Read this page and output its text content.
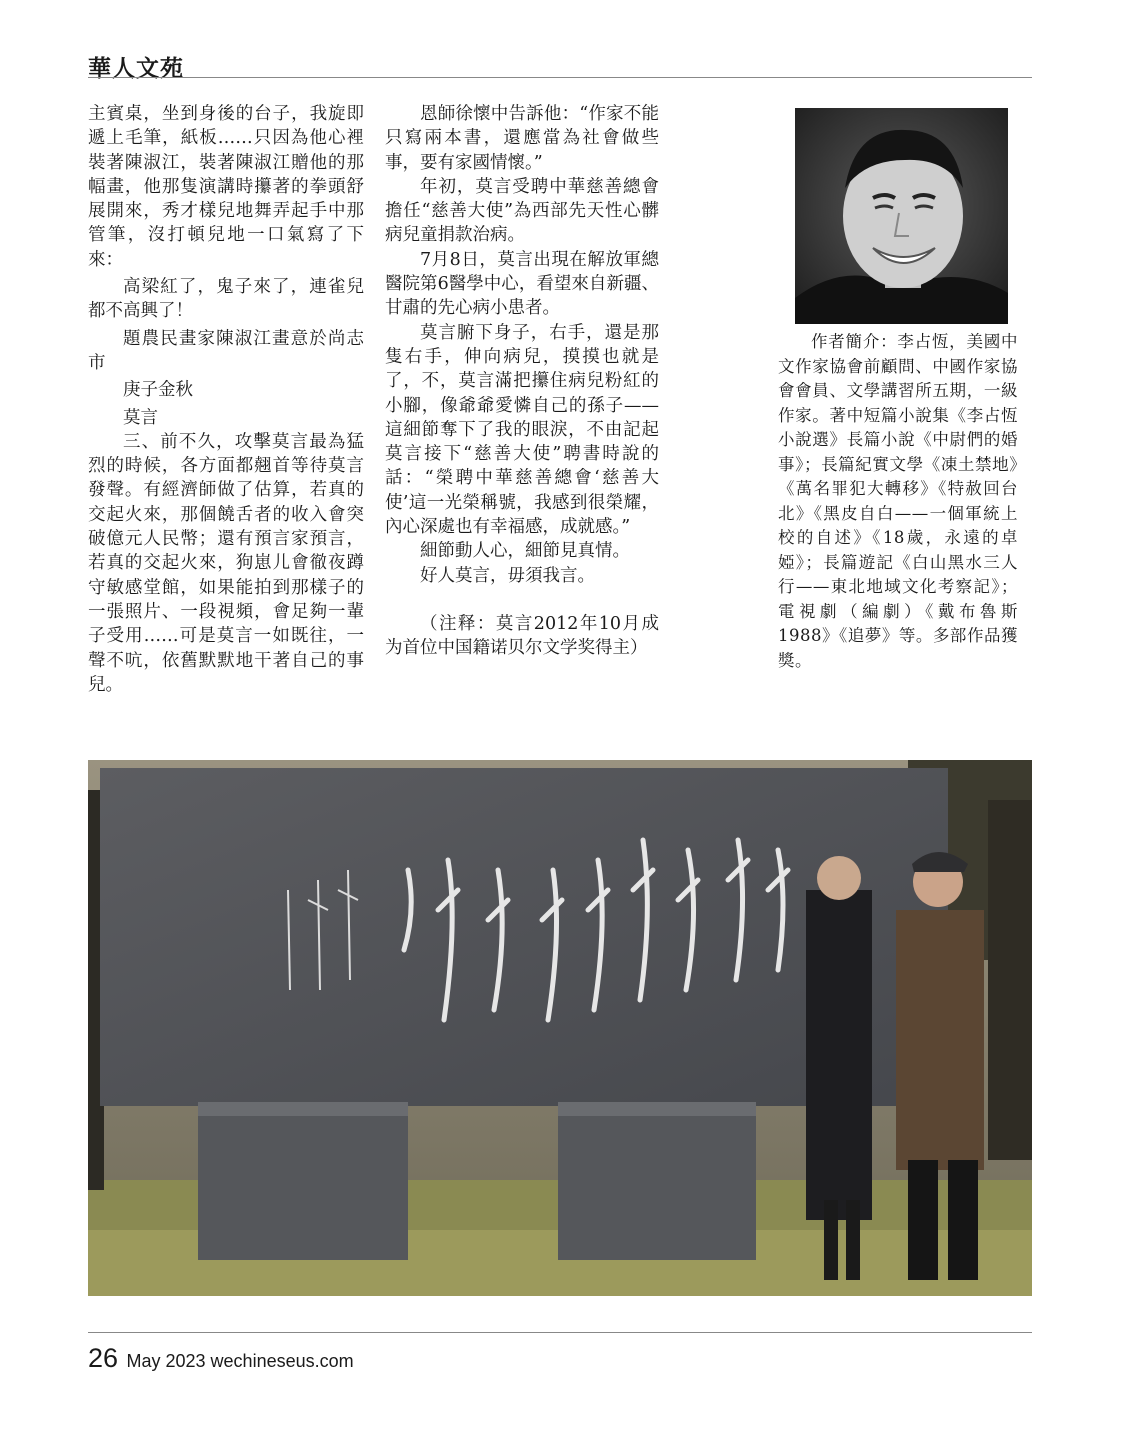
華人文苑

主賓桌，坐到身後的台子，我旋即遞上毛筆，紙板……只因為他心裡裝著陳淑江，裝著陳淑江贈他的那幅畫，他那隻演講時攥著的拳頭舒展開來，秀才樣兒地舞弄起手中那管筆，沒打頓兒地一口氣寫了下來：

高梁紅了，鬼子來了，連雀兒都不高興了！

題農民畫家陳淑江畫意於尚志市

庚子金秋

莫言

三、前不久，攻擊莫言最為猛烈的時候，各方面都翹首等待莫言發聲。有經濟師做了估算，若真的交起火來，那個饒舌者的收入會突破億元人民幣；還有預言家預言，若真的交起火來，狗崽儿會徹夜蹲守敏感堂館，如果能拍到那樣子的一張照片、一段視頻，會足夠一輩子受用……可是莫言一如既往，一聲不吭，依舊默默地干著自己的事兒。

恩師徐懷中告訴他：“作家不能只寫兩本書，還應當為社會做些事，要有家國情懷。”

年初，莫言受聘中華慈善總會擔任“慈善大使”為西部先天性心髒病兒童捐款治病。

7月8日，莫言出現在解放軍總醫院第6醫學中心，看望來自新疆、甘肅的先心病小患者。

莫言腑下身子，右手，還是那隻右手，伸向病兒，摸摸也就是了，不，莫言滿把攥住病兒粉紅的小腳，像爺爺愛憐自己的孫子——這細節奪下了我的眼淚，不由記起莫言接下“慈善大使”聘書時說的話：“榮聘中華慈善總會‘慈善大使’這一光榮稱號，我感到很榮耀，內心深處也有幸福感，成就感。”

細節動人心，細節見真情。

好人莫言，毋須我言。

（注释：莫言2012年10月成为首位中国籍诺贝尔文学奖得主）

作者簡介：李占恆，美國中文作家協會前顧問、中國作家協會會員、文學講習所五期，一級作家。著中短篇小說集《李占恆小說選》長篇小說《中尉們的婚事》；長篇紀實文學《凍土禁地》《萬名罪犯大轉移》《特赦回台北》《黑皮自白——一個軍統上校的自述》《18歲，永遠的卓婭》；長篇遊記《白山黑水三人行——東北地域文化考察記》；電視劇（編劇）《戴布魯斯1988》《追夢》等。多部作品獲獎。

26 May 2023 wechineseus.com
